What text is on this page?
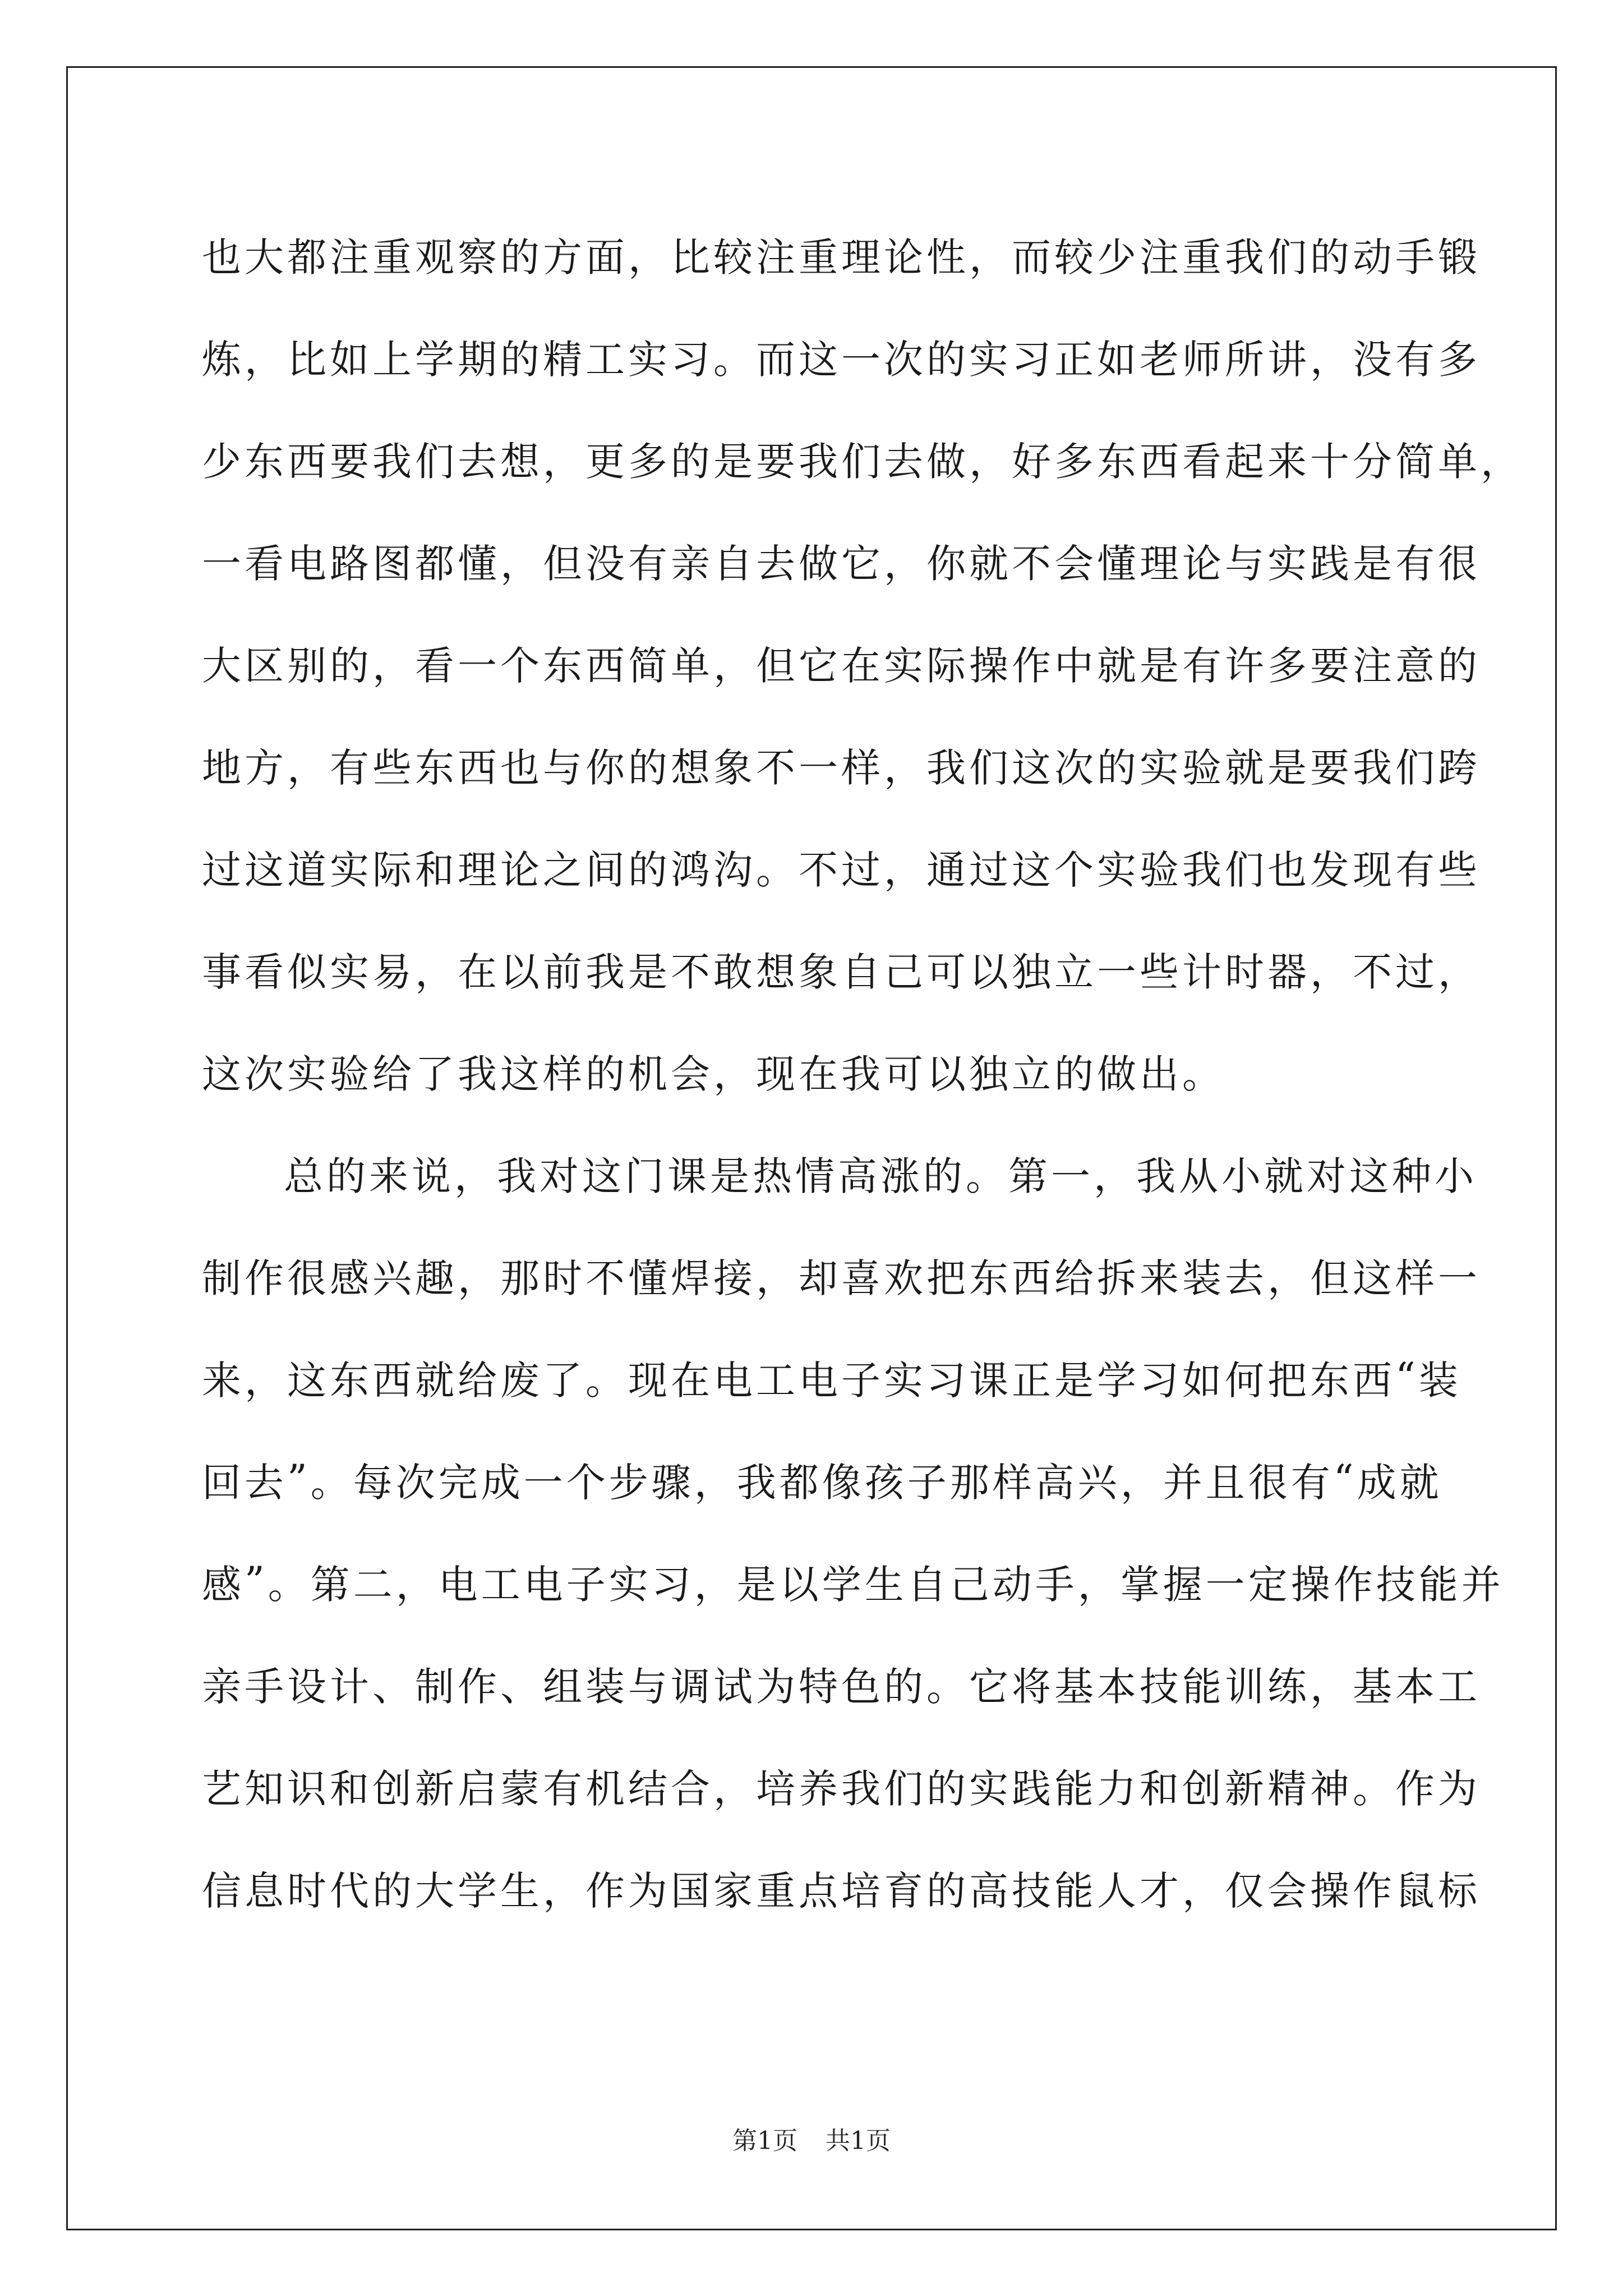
也 大 都 注 重 观 察 的 方 面 ， 比 较 注 重 理 论 性 ， 而 较 少 注 重 我 们 的 动 手 锻
炼 ， 比 如 上 学 期 的 精 工 实 习 。 而 这 一 次 的 实 习 正 如 老 师 所 讲 ， 没 有 多
少 东 西 要 我 们 去 想 ， 更 多 的 是 要 我 们 去 做 ， 好 多 东 西 看 起 来 十 分 简 单 ，
一 看 电 路 图 都 懂 ， 但 没 有 亲 自 去 做 它 ， 你 就 不 会 懂 理 论 与 实 践 是 有 很
大 区 别 的 ， 看 一 个 东 西 简 单 ， 但 它 在 实 际 操 作 中 就 是 有 许 多 要 注 意 的
地 方 ， 有 些 东 西 也 与 你 的 想 象 不 一 样 ， 我 们 这 次 的 实 验 就 是 要 我 们 跨
过 这 道 实 际 和 理 论 之 间 的 鸿 沟 。 不 过 ， 通 过 这 个 实 验 我 们 也 发 现 有 些
事 看 似 实 易 ， 在 以 前 我 是 不 敢 想 象 自 己 可 以 独 立 一 些 计 时 器 ， 不 过 ，
这次实验给了我这样的机会，现在我可以独立的做出。
总 的 来 说 ， 我 对 这 门 课 是 热 情 高 涨 的 。 第 一 ， 我 从 小 就 对 这 种 小
制 作 很 感 兴 趣 ， 那 时 不 懂 焊 接 ， 却 喜 欢 把 东 西 给 拆 来 装 去 ， 但 这 样 一
来 ， 这 东 西 就 给 废 了 。 现 在 电 工 电 子 实 习 课 正 是 学 习 如 何 把 东 西 “ 装
回 去 ” 。 每 次 完 成 一 个 步 骤 ， 我 都 像 孩 子 那 样 高 兴 ， 并 且 很 有 “ 成 就
感 ” 。 第 二 ， 电 工 电 子 实 习 ， 是 以 学 生 自 己 动 手 ， 掌 握 一 定 操 作 技 能 并
亲 手 设 计 、 制 作 、 组 装 与 调 试 为 特 色 的 。 它 将 基 本 技 能 训 练 ， 基 本 工
艺 知 识 和 创 新 启 蒙 有 机 结 合 ， 培 养 我 们 的 实 践 能 力 和 创 新 精 神 。 作 为
信 息 时 代 的 大 学 生 ， 作 为 国 家 重 点 培 育 的 高 技 能 人 才 ， 仅 会 操 作 鼠 标
第1页 共1页
